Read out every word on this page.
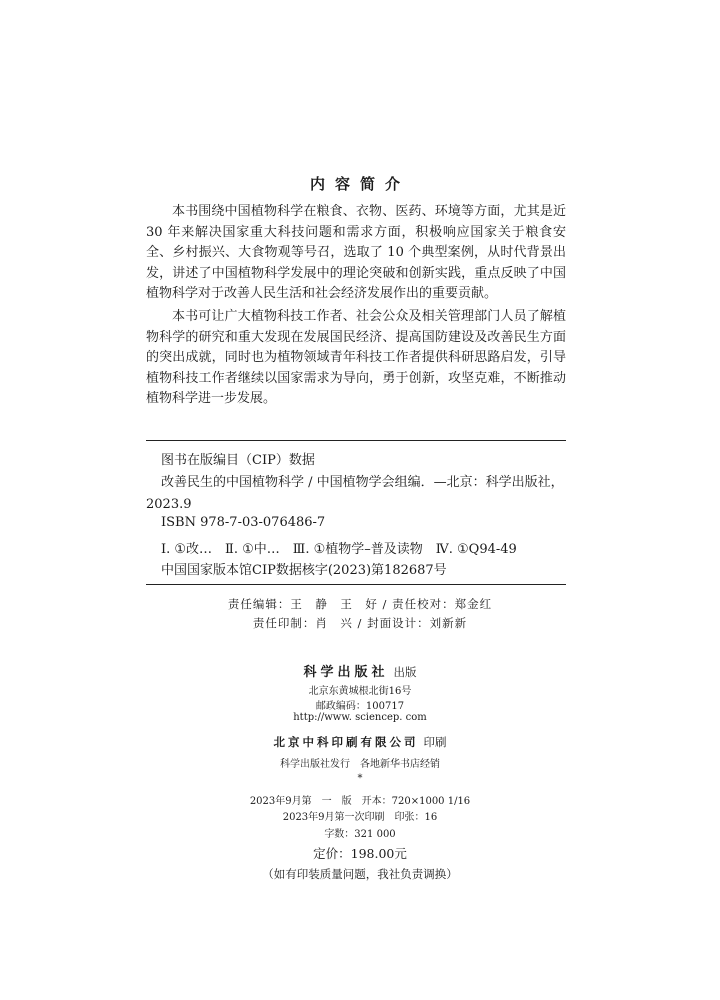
内容简介

本书围绕中国植物科学在粮食、衣物、医药、环境等方面，尤其是近 30 年来解决国家重大科技问题和需求方面，积极响应国家关于粮食安全、乡村振兴、大食物观等号召，选取了 10 个典型案例，从时代背景出发，讲述了中国植物科学发展中的理论突破和创新实践，重点反映了中国植物科学对于改善人民生活和社会经济发展作出的重要贡献。

本书可让广大植物科技工作者、社会公众及相关管理部门人员了解植物科学的研究和重大发现在发展国民经济、提高国防建设及改善民生方面的突出成就，同时也为植物领域青年科技工作者提供科研思路启发，引导植物科技工作者继续以国家需求为导向，勇于创新，攻坚克难，不断推动植物科学进一步发展。

图书在版编目（CIP）数据

改善民生的中国植物科学 / 中国植物学会组编．—北京：科学出版社，2023.9

ISBN 978-7-03-076486-7
Ⅰ. ①改…　Ⅱ. ①中…　Ⅲ. ①植物学–普及读物　Ⅳ. ①Q94-49
中国国家版本馆CIP数据核字(2023)第182687号
责任编辑：王　静　王　好 / 责任校对：郑金红
责任印制：肖　兴 / 封面设计：刘新新
科学出版社 出版
北京东黄城根北街16号
邮政编码：100717
http://www. sciencep. com
北京中科印刷有限公司 印刷
科学出版社发行　各地新华书店经销
*
2023年9月第　一　版　开本：720×1000 1/16
2023年9月第一次印刷　印张：16
字数：321 000
定价：198.00元
（如有印装质量问题，我社负责调换）
